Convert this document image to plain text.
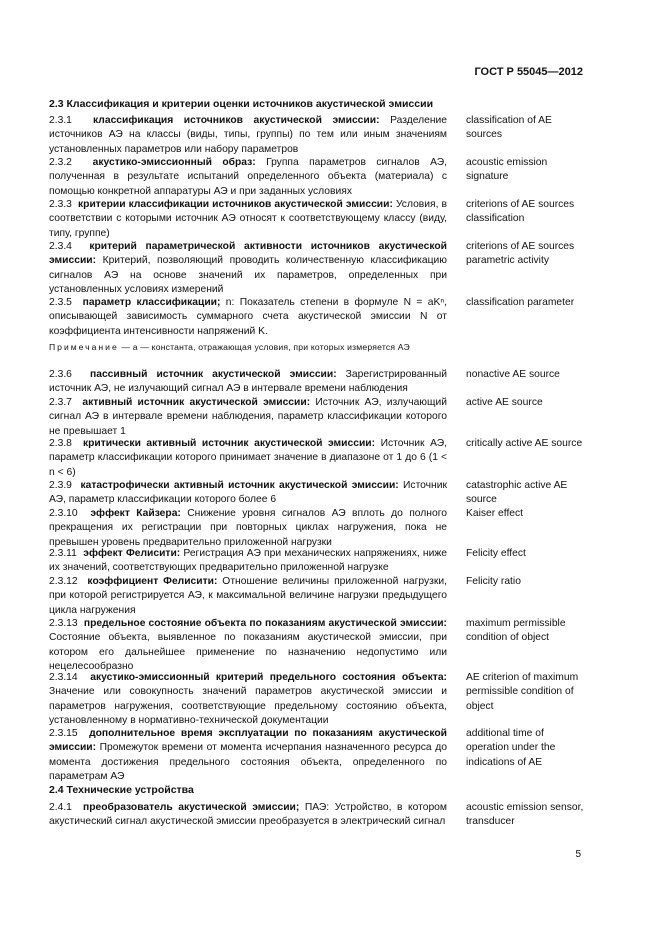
ГОСТ Р 55045—2012
2.3 Классификация и критерии оценки источников акустической эмиссии
2.3.1 классификация источников акустической эмиссии: Разделение источников АЭ на классы (виды, типы, группы) по тем или иным значениям установленных параметров или набору параметров
classification of AE sources
2.3.2 акустико-эмиссионный образ: Группа параметров сигналов АЭ, полученная в результате испытаний определенного объекта (материала) с помощью конкретной аппаратуры АЭ и при заданных условиях
acoustic emission signature
2.3.3 критерии классификации источников акустической эмиссии: Условия, в соответствии с которыми источник АЭ относят к соответствующему классу (виду, типу, группе)
criterions of AE sources classification
2.3.4 критерий параметрической активности источников акустической эмиссии: Критерий, позволяющий проводить количественную классификацию сигналов АЭ на основе значений их параметров, определенных при установленных условиях измерений
criterions of AE sources parametric activity
2.3.5 параметр классификации; n: Показатель степени в формуле N = aKⁿ, описывающей зависимость суммарного счета акустической эмиссии N от коэффициента интенсивности напряжений K.
classification parameter
Примечание — a — константа, отражающая условия, при которых измеряется АЭ
2.3.6 пассивный источник акустической эмиссии: Зарегистрированный источник АЭ, не излучающий сигнал АЭ в интервале времени наблюдения
nonactive AE source
2.3.7 активный источник акустической эмиссии: Источник АЭ, излучающий сигнал АЭ в интервале времени наблюдения, параметр классификации которого не превышает 1
active AE source
2.3.8 критически активный источник акустической эмиссии: Источник АЭ, параметр классификации которого принимает значение в диапазоне от 1 до 6 (1 < n < 6)
critically active AE source
2.3.9 катастрофически активный источник акустической эмиссии: Источник АЭ, параметр классификации которого более 6
catastrophic active AE source
2.3.10 эффект Кайзера: Снижение уровня сигналов АЭ вплоть до полного прекращения их регистрации при повторных циклах нагружения, пока не превышен уровень предварительно приложенной нагрузки
Kaiser effect
2.3.11 эффект Фелисити: Регистрация АЭ при механических напряжениях, ниже их значений, соответствующих предварительно приложенной нагрузке
Felicity effect
2.3.12 коэффициент Фелисити: Отношение величины приложенной нагрузки, при которой регистрируется АЭ, к максимальной величине нагрузки предыдущего цикла нагружения
Felicity ratio
2.3.13 предельное состояние объекта по показаниям акустической эмиссии: Состояние объекта, выявленное по показаниям акустической эмиссии, при котором его дальнейшее применение по назначению недопустимо или нецелесообразно
maximum permissible condition of object
2.3.14 акустико-эмиссионный критерий предельного состояния объекта: Значение или совокупность значений параметров акустической эмиссии и параметров нагружения, соответствующие предельному состоянию объекта, установленному в нормативно-технической документации
AE criterion of maximum permissible condition of object
2.3.15 дополнительное время эксплуатации по показаниям акустической эмиссии: Промежуток времени от момента исчерпания назначенного ресурса до момента достижения предельного состояния объекта, определенного по параметрам АЭ
additional time of operation under the indications of AE
2.4 Технические устройства
2.4.1 преобразователь акустической эмиссии; ПАЭ: Устройство, в котором акустический сигнал акустической эмиссии преобразуется в электрический сигнал
acoustic emission sensor, transducer
5
